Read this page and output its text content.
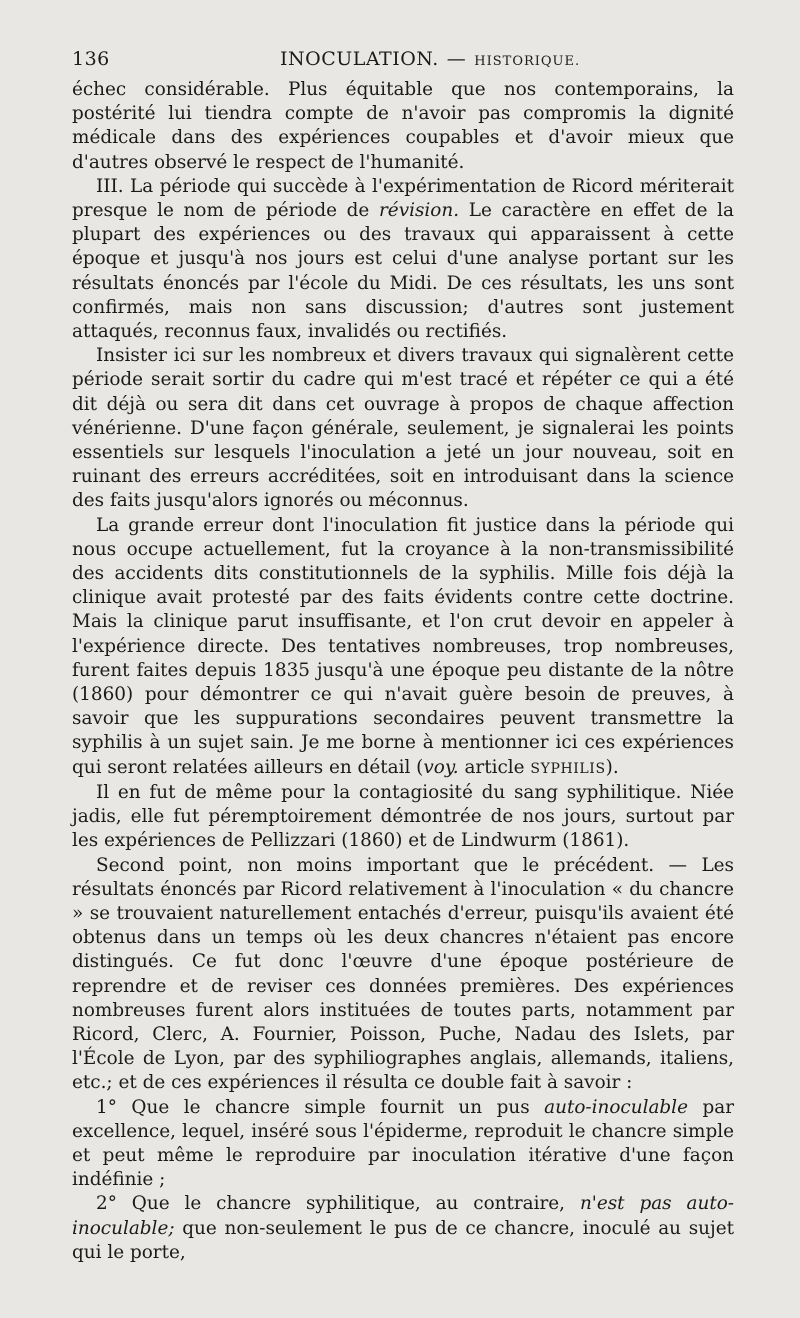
136	INOCULATION. — HISTORIQUE.

échec considérable. Plus équitable que nos contemporains, la postérité lui tiendra compte de n'avoir pas compromis la dignité médicale dans des expériences coupables et d'avoir mieux que d'autres observé le respect de l'humanité.

III. La période qui succède à l'expérimentation de Ricord mériterait presque le nom de période de révision. Le caractère en effet de la plupart des expériences ou des travaux qui apparaissent à cette époque et jusqu'à nos jours est celui d'une analyse portant sur les résultats énoncés par l'école du Midi. De ces résultats, les uns sont confirmés, mais non sans discussion; d'autres sont justement attaqués, reconnus faux, invalidés ou rectifiés.

Insister ici sur les nombreux et divers travaux qui signalèrent cette période serait sortir du cadre qui m'est tracé et répéter ce qui a été dit déjà ou sera dit dans cet ouvrage à propos de chaque affection vénérienne. D'une façon générale, seulement, je signalerai les points essentiels sur lesquels l'inoculation a jeté un jour nouveau, soit en ruinant des erreurs accréditées, soit en introduisant dans la science des faits jusqu'alors ignorés ou méconnus.

La grande erreur dont l'inoculation fit justice dans la période qui nous occupe actuellement, fut la croyance à la non-transmissibilité des accidents dits constitutionnels de la syphilis. Mille fois déjà la clinique avait protesté par des faits évidents contre cette doctrine. Mais la clinique parut insuffisante, et l'on crut devoir en appeler à l'expérience directe. Des tentatives nombreuses, trop nombreuses, furent faites depuis 1835 jusqu'à une époque peu distante de la nôtre (1860) pour démontrer ce qui n'avait guère besoin de preuves, à savoir que les suppurations secondaires peuvent transmettre la syphilis à un sujet sain. Je me borne à mentionner ici ces expériences qui seront relatées ailleurs en détail (voy. article SYPHILIS).

Il en fut de même pour la contagiosité du sang syphilitique. Niée jadis, elle fut péremptoirement démontrée de nos jours, surtout par les expériences de Pellizzari (1860) et de Lindwurm (1861).

Second point, non moins important que le précédent. — Les résultats énoncés par Ricord relativement à l'inoculation « du chancre » se trouvaient naturellement entachés d'erreur, puisqu'ils avaient été obtenus dans un temps où les deux chancres n'étaient pas encore distingués. Ce fut donc l'œuvre d'une époque postérieure de reprendre et de reviser ces données premières. Des expériences nombreuses furent alors instituées de toutes parts, notamment par Ricord, Clerc, A. Fournier, Poisson, Puche, Nadau des Islets, par l'École de Lyon, par des syphiliographes anglais, allemands, italiens, etc.; et de ces expériences il résulta ce double fait à savoir :

1° Que le chancre simple fournit un pus auto-inoculable par excellence, lequel, inséré sous l'épiderme, reproduit le chancre simple et peut même le reproduire par inoculation itérative d'une façon indéfinie ;

2° Que le chancre syphilitique, au contraire, n'est pas auto-inoculable; que non-seulement le pus de ce chancre, inoculé au sujet qui le porte,
